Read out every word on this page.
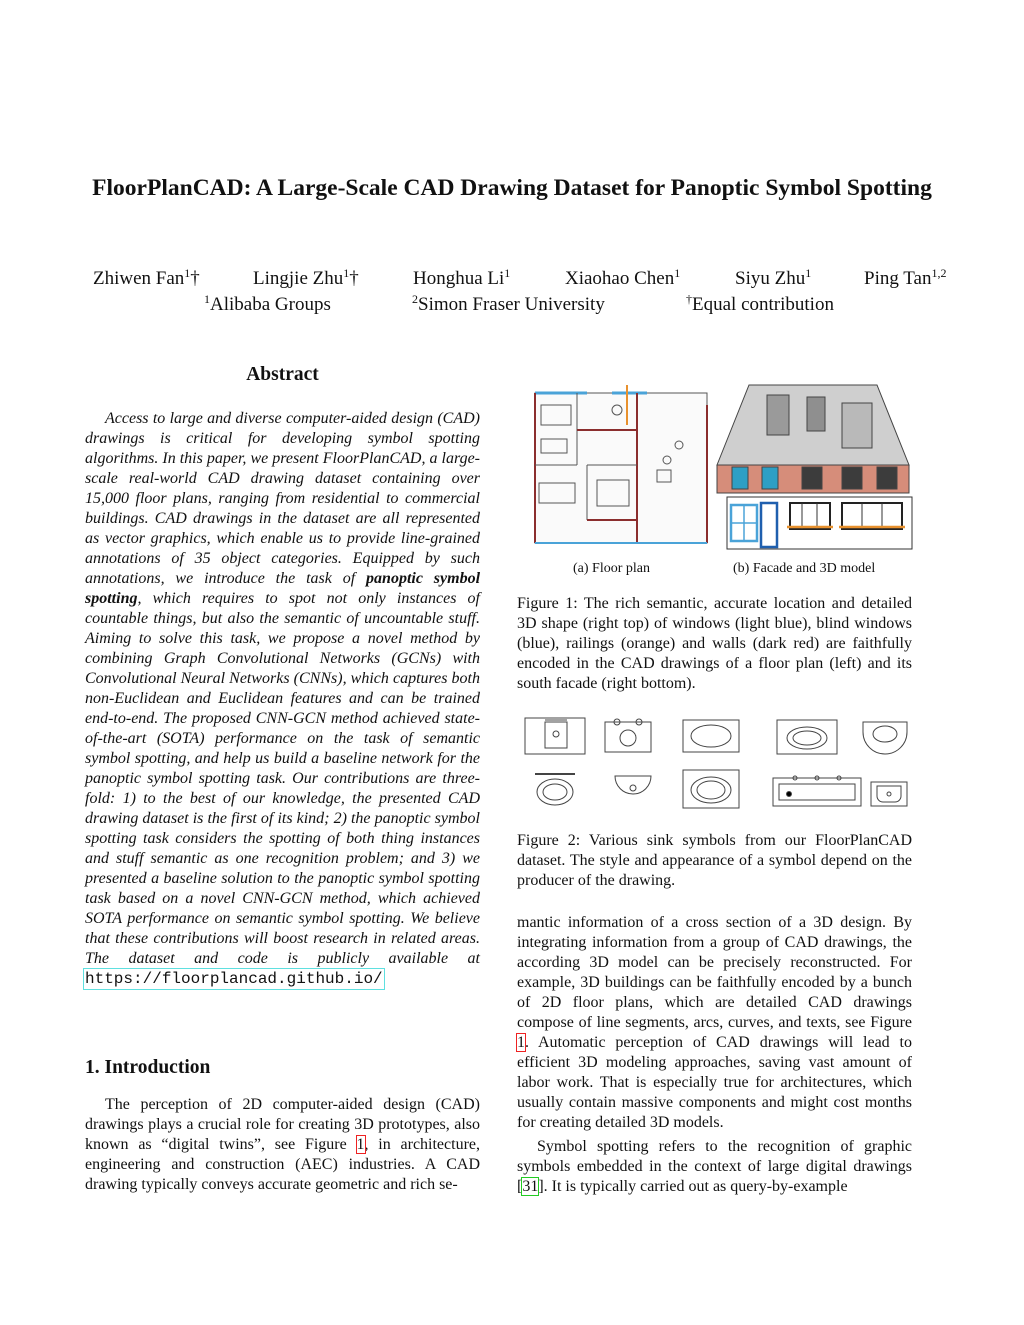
FloorPlanCAD: A Large-Scale CAD Drawing Dataset for Panoptic Symbol Spotting
Zhiwen Fan$^1$†	Lingjie Zhu$^1$†	Honghua Li$^1$	Xiaohao Chen$^1$	Siyu Zhu$^1$	Ping Tan$^{1,2}$
$^1$Alibaba Groups	$^2$Simon Fraser University	†Equal contribution
Abstract
Access to large and diverse computer-aided design (CAD) drawings is critical for developing symbol spotting algorithms. In this paper, we present FloorPlanCAD, a large-scale real-world CAD drawing dataset containing over 15,000 floor plans, ranging from residential to commercial buildings. CAD drawings in the dataset are all represented as vector graphics, which enable us to provide line-grained annotations of 35 object categories. Equipped by such annotations, we introduce the task of panoptic symbol spotting, which requires to spot not only instances of countable things, but also the semantic of uncountable stuff. Aiming to solve this task, we propose a novel method by combining Graph Convolutional Networks (GCNs) with Convolutional Neural Networks (CNNs), which captures both non-Euclidean and Euclidean features and can be trained end-to-end. The proposed CNN-GCN method achieved state-of-the-art (SOTA) performance on the task of semantic symbol spotting, and help us build a baseline network for the panoptic symbol spotting task. Our contributions are three-fold: 1) to the best of our knowledge, the presented CAD drawing dataset is the first of its kind; 2) the panoptic symbol spotting task considers the spotting of both thing instances and stuff semantic as one recognition problem; and 3) we presented a baseline solution to the panoptic symbol spotting task based on a novel CNN-GCN method, which achieved SOTA performance on semantic symbol spotting. We believe that these contributions will boost research in related areas. The dataset and code is publicly available at https://floorplancad.github.io/
1. Introduction
The perception of 2D computer-aided design (CAD) drawings plays a crucial role for creating 3D prototypes, also known as “digital twins”, see Figure 1, in architecture, engineering and construction (AEC) industries. A CAD drawing typically conveys accurate geometric and rich se-
(a) Floor plan	(b) Facade and 3D model
Figure 1: The rich semantic, accurate location and detailed 3D shape (right top) of windows (light blue), blind windows (blue), railings (orange) and walls (dark red) are faithfully encoded in the CAD drawings of a floor plan (left) and its south facade (right bottom).
Figure 2: Various sink symbols from our FloorPlanCAD dataset. The style and appearance of a symbol depend on the producer of the drawing.
mantic information of a cross section of a 3D design. By integrating information from a group of CAD drawings, the according 3D model can be precisely reconstructed. For example, 3D buildings can be faithfully encoded by a bunch of 2D floor plans, which are detailed CAD drawings compose of line segments, arcs, curves, and texts, see Figure 1. Automatic perception of CAD drawings will lead to efficient 3D modeling approaches, saving vast amount of labor work. That is especially true for architectures, which usually contain massive components and might cost months for creating detailed 3D models.
Symbol spotting refers to the recognition of graphic symbols embedded in the context of large digital drawings [31]. It is typically carried out as query-by-example
